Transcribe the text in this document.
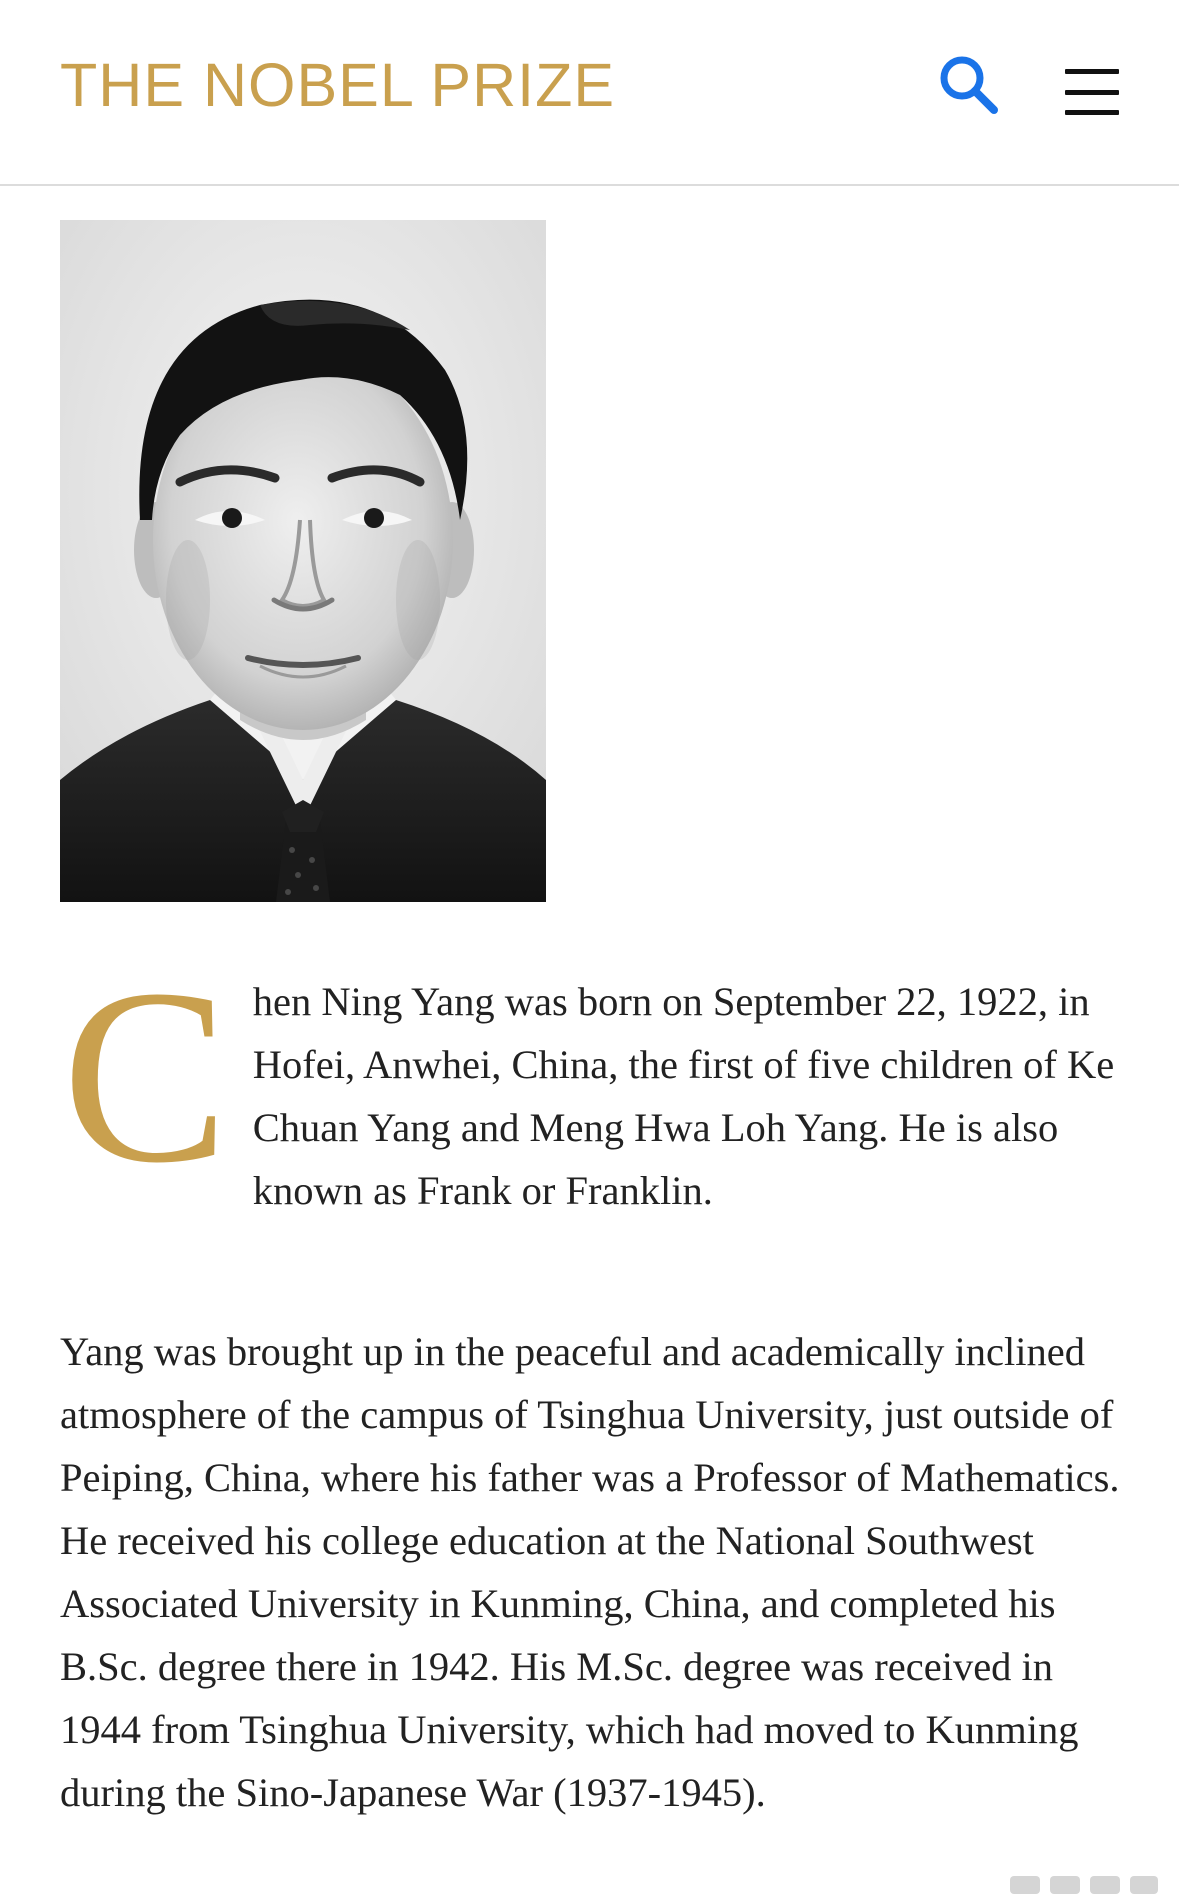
THE NOBEL PRIZE

Chen Ning Yang was born on September 22, 1922, in Hofei, Anwhei, China, the first of five children of Ke Chuan Yang and Meng Hwa Loh Yang. He is also known as Frank or Franklin.

Yang was brought up in the peaceful and academically inclined atmosphere of the campus of Tsinghua University, just outside of Peiping, China, where his father was a Professor of Mathematics. He received his college education at the National Southwest Associated University in Kunming, China, and completed his B.Sc. degree there in 1942. His M.Sc. degree was received in 1944 from Tsinghua University, which had moved to Kunming during the Sino-Japanese War (1937-1945).
